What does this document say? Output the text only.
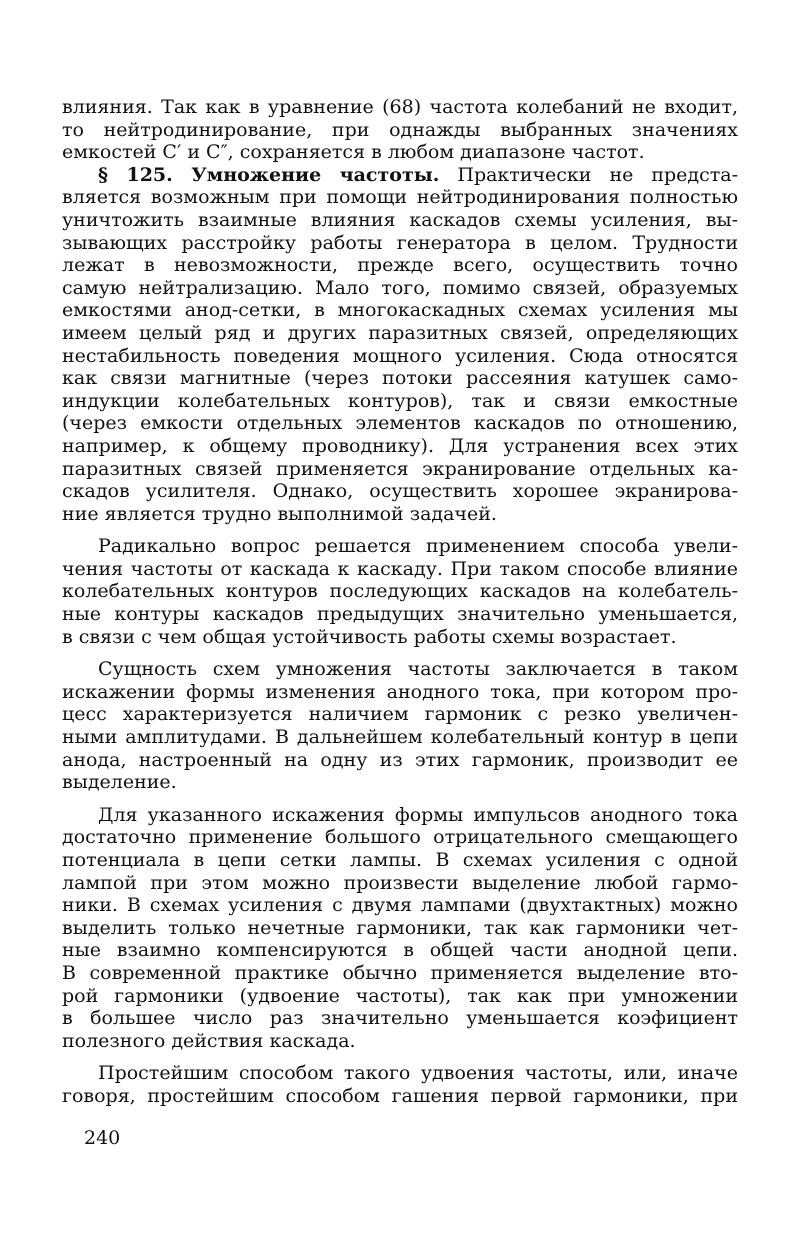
влияния. Так как в уравнение (68) частота колебаний не входит,
то нейтродинирование, при однажды выбранных значениях
емкостей C′ и C″, сохраняется в любом диапазоне частот.

§ 125. Умножение частоты. Практически не предста-
вляется возможным при помощи нейтродинирования полностью
уничтожить взаимные влияния каскадов схемы усиления, вы-
зывающих расстройку работы генератора в целом. Трудности
лежат в невозможности, прежде всего, осуществить точно
самую нейтрализацию. Мало того, помимо связей, образуемых
емкостями анод-сетки, в многокаскадных схемах усиления мы
имеем целый ряд и других паразитных связей, определяющих
нестабильность поведения мощного усиления. Сюда относятся
как связи магнитные (через потоки рассеяния катушек само-
индукции колебательных контуров), так и связи емкостные
(через емкости отдельных элементов каскадов по отношению,
например, к общему проводнику). Для устранения всех этих
паразитных связей применяется экранирование отдельных ка-
скадов усилителя. Однако, осуществить хорошее экранирова-
ние является трудно выполнимой задачей.

Радикально вопрос решается применением способа увели-
чения частоты от каскада к каскаду. При таком способе влияние
колебательных контуров последующих каскадов на колебатель-
ные контуры каскадов предыдущих значительно уменьшается,
в связи с чем общая устойчивость работы схемы возрастает.

Сущность схем умножения частоты заключается в таком
искажении формы изменения анодного тока, при котором про-
цесс характеризуется наличием гармоник с резко увеличен-
ными амплитудами. В дальнейшем колебательный контур в цепи
анода, настроенный на одну из этих гармоник, производит ее
выделение.

Для указанного искажения формы импульсов анодного тока
достаточно применение большого отрицательного смещающего
потенциала в цепи сетки лампы. В схемах усиления с одной
лампой при этом можно произвести выделение любой гармо-
ники. В схемах усиления с двумя лампами (двухтактных) можно
выделить только нечетные гармоники, так как гармоники чет-
ные взаимно компенсируются в общей части анодной цепи.
В современной практике обычно применяется выделение вто-
рой гармоники (удвоение частоты), так как при умножении
в большее число раз значительно уменьшается коэфициент
полезного действия каскада.

Простейшим способом такого удвоения частоты, или, иначе
говоря, простейшим способом гашения первой гармоники, при

240
